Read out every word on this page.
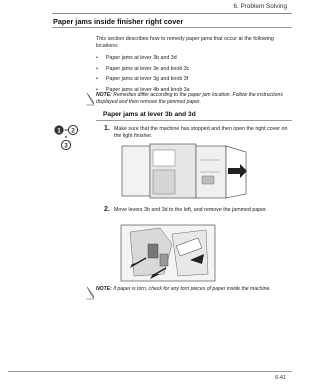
6. Problem Solving
Paper jams inside finisher right cover

This section describes how to remedy paper jams that occur at the following locations:

• Paper jams at lever 3b and 3d
• Paper jams at lever 3e and knob 3c
• Paper jams at lever 3g and knob 3f
• Paper jams at lever 4b and knob 3a

NOTE: Remedies differ according to the paper jam location. Follow the instructions displayed and then remove the jammed paper.

Paper jams at lever 3b and 3d
1 2
3
1. Make sure that the machine has stopped and then open the right cover on the light finisher.

2. Move levers 3b and 3d to the left, and remove the jammed paper.

NOTE: If paper is torn, check for any torn pieces of paper inside the machine.

6-41
